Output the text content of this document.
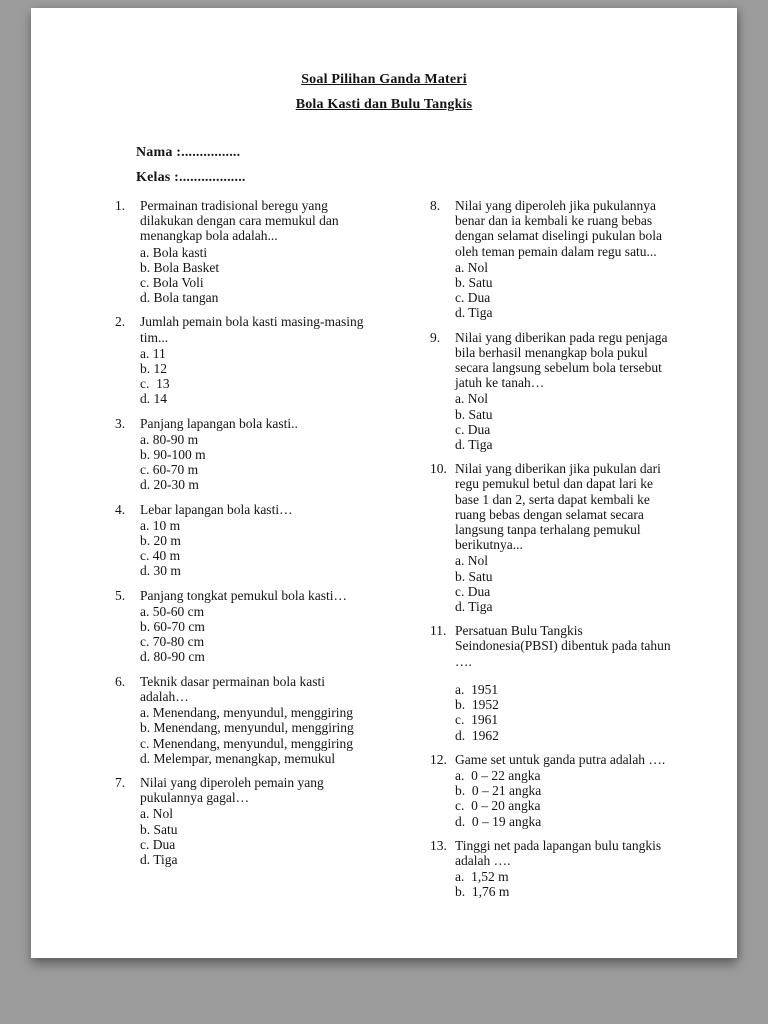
Soal Pilihan Ganda Materi
Bola Kasti dan Bulu Tangkis
Nama :................
Kelas :..................
1.	Permainan tradisional beregu yang dilakukan dengan cara memukul dan menangkap bola adalah...
a. Bola kasti
b. Bola Basket
c. Bola Voli
d. Bola tangan
2.	Jumlah pemain bola kasti masing-masing tim...
a. 11
b. 12
c.  13
d. 14
3.	Panjang lapangan bola kasti..
a. 80-90 m
b. 90-100 m
c. 60-70 m
d. 20-30 m
4.	Lebar lapangan bola kasti…
a. 10 m
b. 20 m
c. 40 m
d. 30 m
5.	Panjang tongkat pemukul bola kasti…
a. 50-60 cm
b. 60-70 cm
c. 70-80 cm
d. 80-90 cm
6.	Teknik dasar permainan bola kasti adalah…
a. Menendang, menyundul, menggiring
b. Menendang, menyundul, menggiring
c. Menendang, menyundul, menggiring
d. Melempar, menangkap, memukul
7.	Nilai yang diperoleh pemain yang pukulannya gagal…
a. Nol
b. Satu
c. Dua
d. Tiga
8.	Nilai yang diperoleh jika pukulannya benar dan ia kembali ke ruang bebas dengan selamat diselingi pukulan bola oleh teman pemain dalam regu satu...
a. Nol
b. Satu
c. Dua
d. Tiga
9.	Nilai yang diberikan pada regu penjaga bila berhasil menangkap bola pukul secara langsung sebelum bola tersebut jatuh ke tanah…
a. Nol
b. Satu
c. Dua
d. Tiga
10. Nilai yang diberikan jika pukulan dari regu pemukul betul dan dapat lari ke base 1 dan 2, serta dapat kembali ke ruang bebas dengan selamat secara langsung tanpa terhalang pemukul berikutnya...
a. Nol
b. Satu
c. Dua
d. Tiga
11. Persatuan Bulu Tangkis Seindonesia(PBSI) dibentuk pada tahun ….
a.  1951
b.  1952
c.  1961
d.  1962
12. Game set untuk ganda putra adalah ….
a.  0 – 22 angka
b.  0 – 21 angka
c.  0 – 20 angka
d.  0 – 19 angka
13. Tinggi net pada lapangan bulu tangkis adalah ….
a.  1,52 m
b.  1,76 m
